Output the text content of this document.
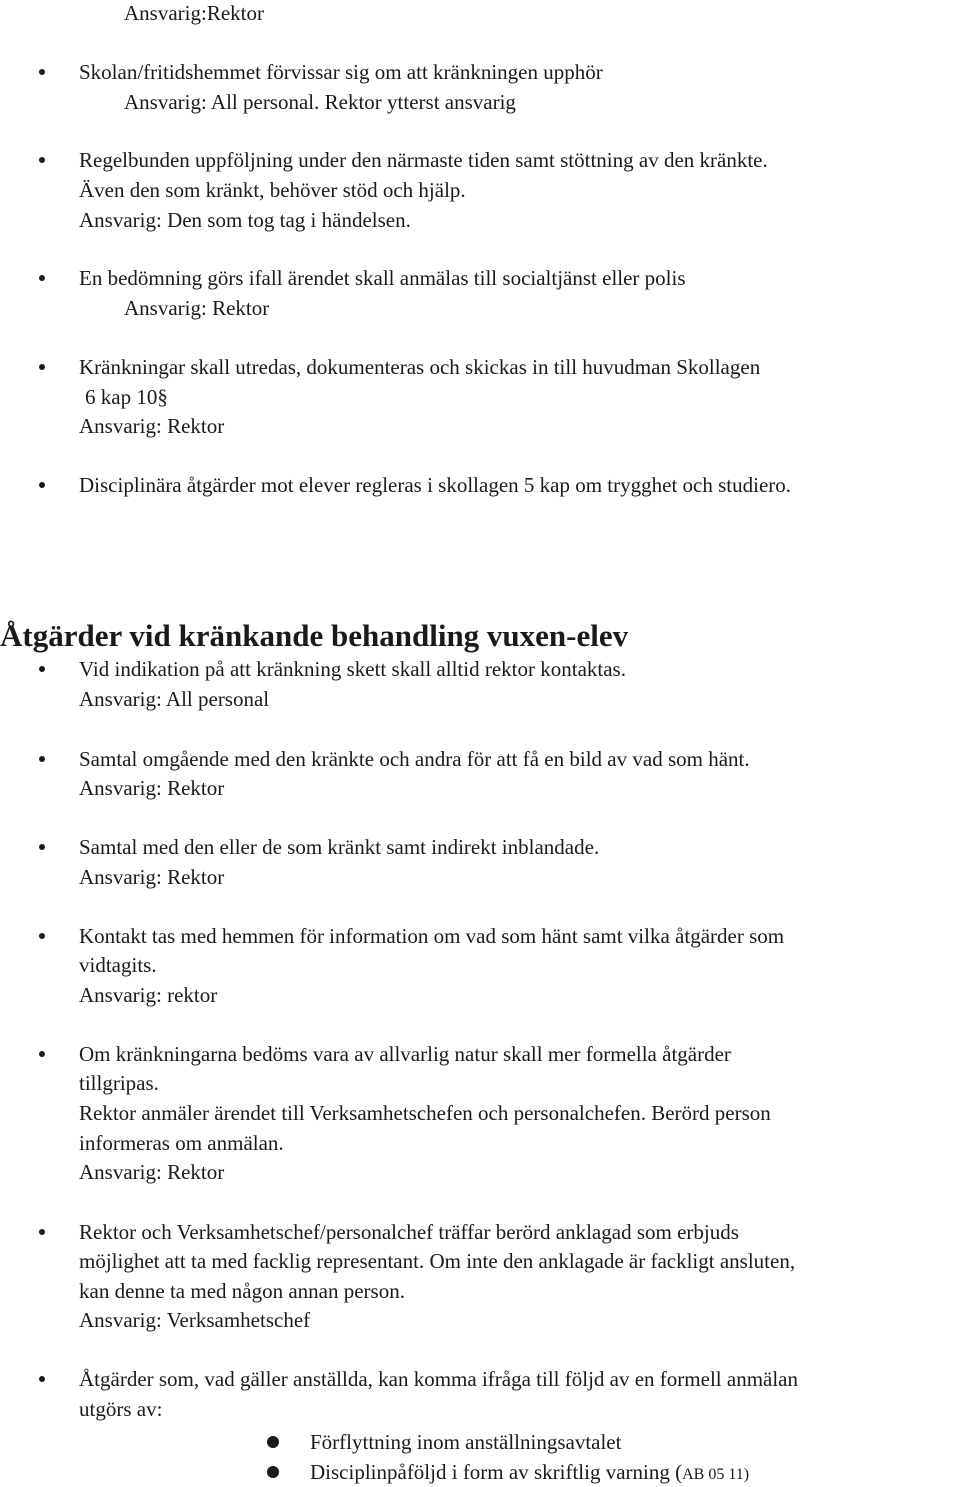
Ansvarig:Rektor
Skolan/fritidshemmet förvissar sig om att kränkningen upphör
Ansvarig: All personal. Rektor ytterst ansvarig
Regelbunden uppföljning under den närmaste tiden samt stöttning av den kränkte.
Även den som kränkt, behöver stöd och hjälp.
Ansvarig: Den som tog tag i händelsen.
En bedömning görs ifall ärendet skall anmälas till socialtjänst eller polis
Ansvarig: Rektor
Kränkningar skall utredas, dokumenteras och skickas in till huvudman Skollagen
6 kap 10§
Ansvarig: Rektor
Disciplinära åtgärder mot elever regleras i skollagen 5 kap om trygghet och studiero.
Åtgärder vid kränkande behandling vuxen-elev
Vid indikation på att kränkning skett skall alltid rektor kontaktas.
Ansvarig: All personal
Samtal omgående med den kränkte och andra för att få en bild av vad som hänt.
Ansvarig: Rektor
Samtal med den eller de som kränkt samt indirekt inblandade.
Ansvarig: Rektor
Kontakt tas med hemmen för information om vad som hänt samt vilka åtgärder som
vidtagits.
Ansvarig: rektor
Om kränkningarna bedöms vara av allvarlig natur skall mer formella åtgärder
tillgripas.
Rektor anmäler ärendet till Verksamhetschefen och personalchefen. Berörd person
informeras om anmälan.
Ansvarig: Rektor
Rektor och Verksamhetschef/personalchef träffar berörd anklagad som erbjuds
möjlighet att ta med facklig representant. Om inte den anklagade är fackligt ansluten,
kan denne ta med någon annan person.
Ansvarig: Verksamhetschef
Åtgärder som, vad gäller anställda, kan komma ifråga till följd av en formell anmälan
utgörs av:
Förflyttning inom anställningsavtalet
Disciplinpåföljd i form av skriftlig varning (AB 05 11)
